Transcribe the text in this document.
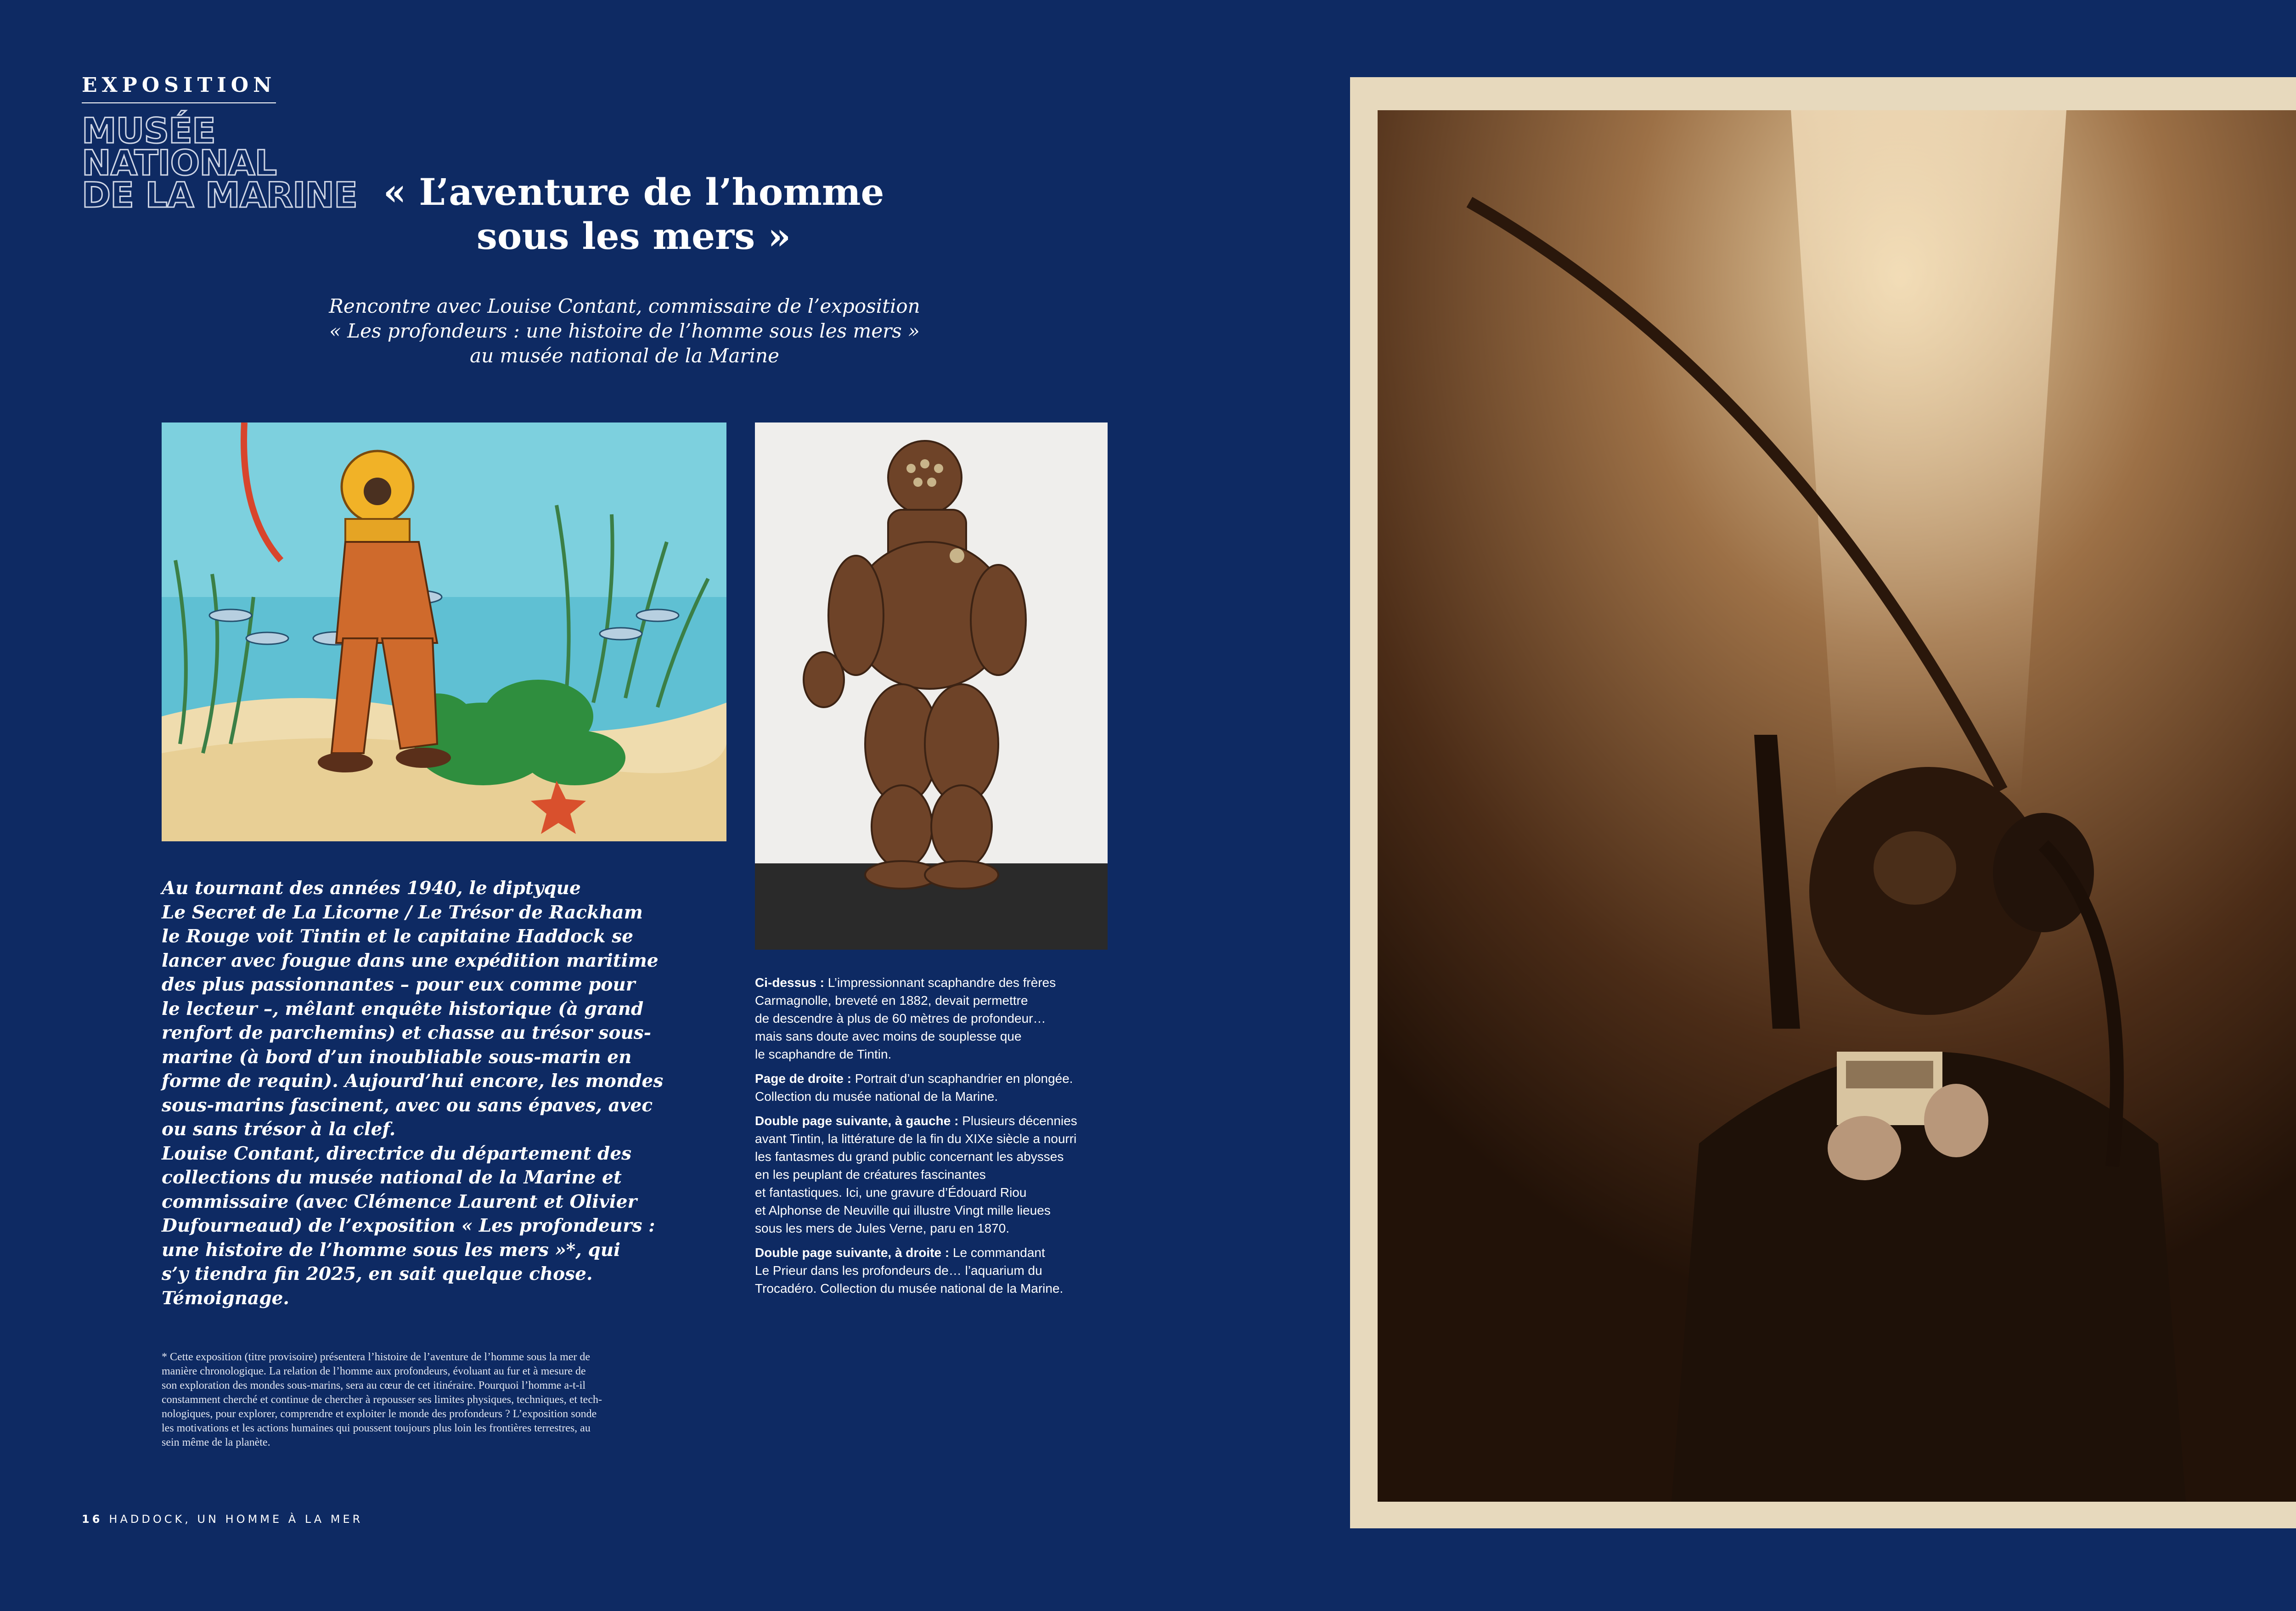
EXPOSITION
MUSÉE
NATIONAL
DE LA MARINE « L’aventure de l’homme
sous les mers »
Rencontre avec Louise Contant, commissaire de l’exposition
« Les profondeurs : une histoire de l’homme sous les mers »
au musée national de la Marine
Au tournant des années 1940, le diptyque
Le Secret de La Licorne / Le Trésor de Rackham
le Rouge voit Tintin et le capitaine Haddock se
lancer avec fougue dans une expédition maritime
des plus passionnantes – pour eux comme pour
le lecteur –, mêlant enquête historique (à grand
renfort de parchemins) et chasse au trésor sous-
marine (à bord d’un inoubliable sous-marin en
forme de requin). Aujourd’hui encore, les mondes
sous-marins fascinent, avec ou sans épaves, avec
ou sans trésor à la clef.
Louise Contant, directrice du département des
collections du musée national de la Marine et
commissaire (avec Clémence Laurent et Olivier
Dufourneaud) de l’exposition « Les profondeurs :
une histoire de l’homme sous les mers »*, qui
s’y tiendra fin 2025, en sait quelque chose.
Témoignage.
* Cette exposition (titre provisoire) présentera l’histoire de l’aventure de l’homme sous la mer de
manière chronologique. La relation de l’homme aux profondeurs, évoluant au fur et à mesure de
son exploration des mondes sous-marins, sera au cœur de cet itinéraire. Pourquoi l’homme a-t-il
constamment cherché et continue de chercher à repousser ses limites physiques, techniques, et tech-
nologiques, pour explorer, comprendre et exploiter le monde des profondeurs ? L’exposition sonde
les motivations et les actions humaines qui poussent toujours plus loin les frontières terrestres, au
sein même de la planète.
Ci-dessus : L’impressionnant scaphandre des frères
Carmagnolle, breveté en 1882, devait permettre
de descendre à plus de 60 mètres de profondeur…
mais sans doute avec moins de souplesse que
le scaphandre de Tintin.
Page de droite : Portrait d’un scaphandrier en plongée.
Collection du musée national de la Marine.
Double page suivante, à gauche : Plusieurs décennies
avant Tintin, la littérature de la fin du XIXe siècle a nourri
les fantasmes du grand public concernant les abysses
en les peuplant de créatures fascinantes
et fantastiques. Ici, une gravure d’Édouard Riou
et Alphonse de Neuville qui illustre Vingt mille lieues
sous les mers de Jules Verne, paru en 1870.
Double page suivante, à droite : Le commandant
Le Prieur dans les profondeurs de… l’aquarium du
Trocadéro. Collection du musée national de la Marine.
16 HADDOCK, UN HOMME À LA MER
